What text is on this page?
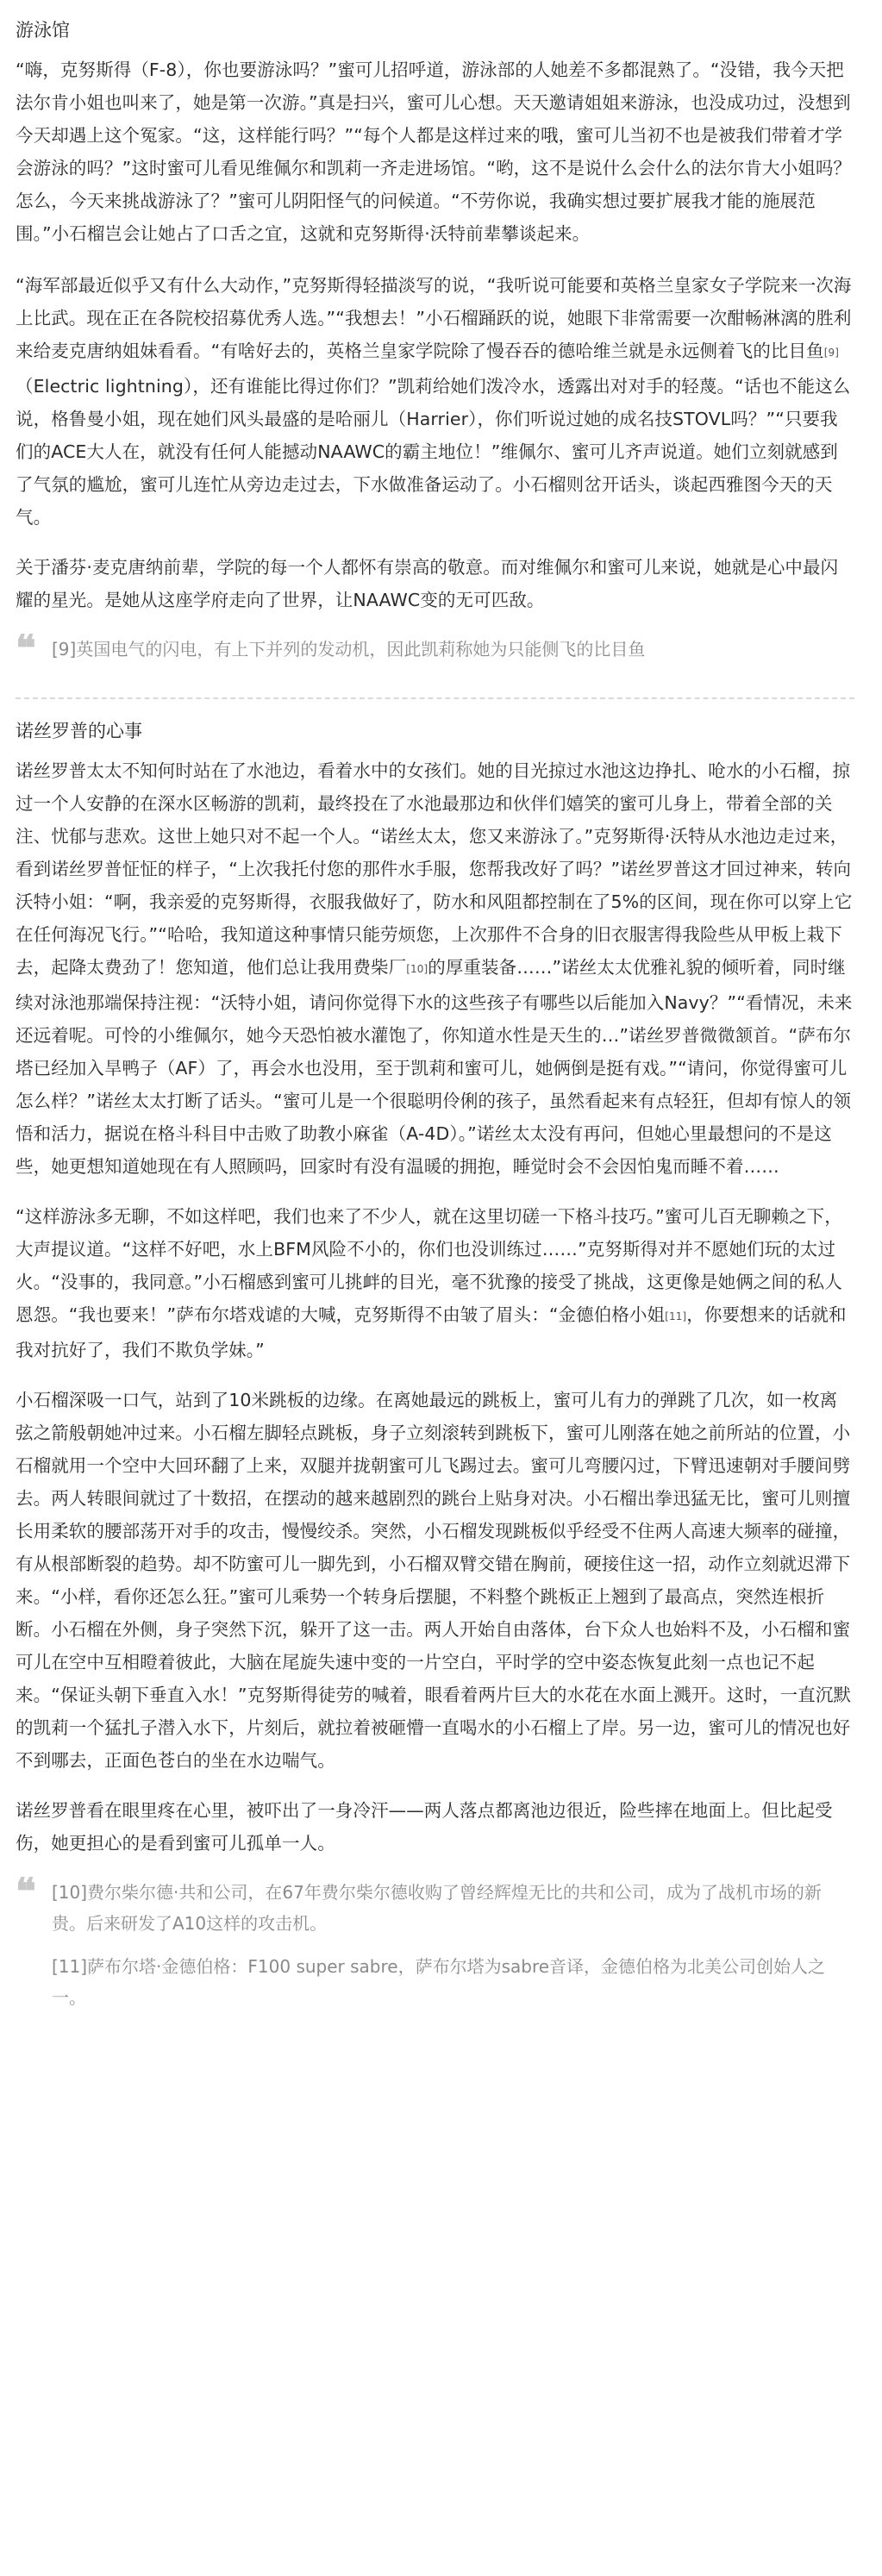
游泳馆

“嗨，克努斯得（F-8），你也要游泳吗？”蜜可儿招呼道，游泳部的人她差不多都混熟了。“没错，我今天把法尔肯小姐也叫来了，她是第一次游。”真是扫兴，蜜可儿心想。天天邀请姐姐来游泳，也没成功过，没想到今天却遇上这个冤家。“这，这样能行吗？”“每个人都是这样过来的哦，蜜可儿当初不也是被我们带着才学会游泳的吗？”这时蜜可儿看见维佩尔和凯莉一齐走进场馆。“哟，这不是说什么会什么的法尔肯大小姐吗？怎么，今天来挑战游泳了？”蜜可儿阴阳怪气的问候道。“不劳你说，我确实想过要扩展我才能的施展范围。”小石榴岂会让她占了口舌之宜，这就和克努斯得·沃特前辈攀谈起来。

“海军部最近似乎又有什么大动作，”克努斯得轻描淡写的说，“我听说可能要和英格兰皇家女子学院来一次海上比武。现在正在各院校招募优秀人选。”“我想去！”小石榴踊跃的说，她眼下非常需要一次酣畅淋漓的胜利来给麦克唐纳姐妹看看。“有啥好去的，英格兰皇家学院除了慢吞吞的德哈维兰就是永远侧着飞的比目鱼[9]（Electric lightning），还有谁能比得过你们？”凯莉给她们泼冷水，透露出对对手的轻蔑。“话也不能这么说，格鲁曼小姐，现在她们风头最盛的是哈丽儿（Harrier），你们听说过她的成名技STOVL吗？”“只要我们的ACE大人在，就没有任何人能撼动NAAWC的霸主地位！”维佩尔、蜜可儿齐声说道。她们立刻就感到了气氛的尴尬，蜜可儿连忙从旁边走过去，下水做准备运动了。小石榴则岔开话头，谈起西雅图今天的天气。

关于潘芬·麦克唐纳前辈，学院的每一个人都怀有崇高的敬意。而对维佩尔和蜜可儿来说，她就是心中最闪耀的星光。是她从这座学府走向了世界，让NAAWC变的无可匹敌。

❝ [9]英国电气的闪电，有上下并列的发动机，因此凯莉称她为只能侧飞的比目鱼

诺丝罗普的心事

诺丝罗普太太不知何时站在了水池边，看着水中的女孩们。她的目光掠过水池这边挣扎、呛水的小石榴，掠过一个人安静的在深水区畅游的凯莉，最终投在了水池最那边和伙伴们嬉笑的蜜可儿身上，带着全部的关注、忧郁与悲欢。这世上她只对不起一个人。“诺丝太太，您又来游泳了。”克努斯得·沃特从水池边走过来，看到诺丝罗普怔怔的样子，“上次我托付您的那件水手服，您帮我改好了吗？”诺丝罗普这才回过神来，转向沃特小姐：“啊，我亲爱的克努斯得，衣服我做好了，防水和风阻都控制在了5%的区间，现在你可以穿上它在任何海况飞行。”“哈哈，我知道这种事情只能劳烦您，上次那件不合身的旧衣服害得我险些从甲板上栽下去，起降太费劲了！您知道，他们总让我用费柴厂[10]的厚重装备……”诺丝太太优雅礼貌的倾听着，同时继续对泳池那端保持注视：“沃特小姐，请问你觉得下水的这些孩子有哪些以后能加入Navy？”“看情况，未来还远着呢。可怜的小维佩尔，她今天恐怕被水灌饱了，你知道水性是天生的…”诺丝罗普微微颔首。“萨布尔塔已经加入旱鸭子（AF）了，再会水也没用，至于凯莉和蜜可儿，她俩倒是挺有戏。”“请问，你觉得蜜可儿怎么样？”诺丝太太打断了话头。“蜜可儿是一个很聪明伶俐的孩子，虽然看起来有点轻狂，但却有惊人的领悟和活力，据说在格斗科目中击败了助教小麻雀（A-4D）。”诺丝太太没有再问，但她心里最想问的不是这些，她更想知道她现在有人照顾吗，回家时有没有温暖的拥抱，睡觉时会不会因怕鬼而睡不着……

“这样游泳多无聊，不如这样吧，我们也来了不少人，就在这里切磋一下格斗技巧。”蜜可儿百无聊赖之下，大声提议道。“这样不好吧，水上BFM风险不小的，你们也没训练过……”克努斯得对并不愿她们玩的太过火。“没事的，我同意。”小石榴感到蜜可儿挑衅的目光，毫不犹豫的接受了挑战，这更像是她俩之间的私人恩怨。“我也要来！”萨布尔塔戏谑的大喊，克努斯得不由皱了眉头：“金德伯格小姐[11]，你要想来的话就和我对抗好了，我们不欺负学妹。”

小石榴深吸一口气，站到了10米跳板的边缘。在离她最远的跳板上，蜜可儿有力的弹跳了几次，如一枚离弦之箭般朝她冲过来。小石榴左脚轻点跳板，身子立刻滚转到跳板下，蜜可儿刚落在她之前所站的位置，小石榴就用一个空中大回环翻了上来，双腿并拢朝蜜可儿飞踢过去。蜜可儿弯腰闪过，下臂迅速朝对手腰间劈去。两人转眼间就过了十数招，在摆动的越来越剧烈的跳台上贴身对决。小石榴出拳迅猛无比，蜜可儿则擅长用柔软的腰部荡开对手的攻击，慢慢绞杀。突然，小石榴发现跳板似乎经受不住两人高速大频率的碰撞，有从根部断裂的趋势。却不防蜜可儿一脚先到，小石榴双臂交错在胸前，硬接住这一招，动作立刻就迟滞下来。“小样，看你还怎么狂。”蜜可儿乘势一个转身后摆腿，不料整个跳板正上翘到了最高点，突然连根折断。小石榴在外侧，身子突然下沉，躲开了这一击。两人开始自由落体，台下众人也始料不及，小石榴和蜜可儿在空中互相瞪着彼此，大脑在尾旋失速中变的一片空白，平时学的空中姿态恢复此刻一点也记不起来。“保证头朝下垂直入水！”克努斯得徒劳的喊着，眼看着两片巨大的水花在水面上溅开。这时，一直沉默的凯莉一个猛扎子潜入水下，片刻后，就拉着被砸懵一直喝水的小石榴上了岸。另一边，蜜可儿的情况也好不到哪去，正面色苍白的坐在水边喘气。

诺丝罗普看在眼里疼在心里，被吓出了一身冷汗——两人落点都离池边很近，险些摔在地面上。但比起受伤，她更担心的是看到蜜可儿孤单一人。

❝ [10]费尔柴尔德·共和公司，在67年费尔柴尔德收购了曾经辉煌无比的共和公司，成为了战机市场的新贵。后来研发了A10这样的攻击机。

[11]萨布尔塔·金德伯格：F100 super sabre，萨布尔塔为sabre音译，金德伯格为北美公司创始人之一。
